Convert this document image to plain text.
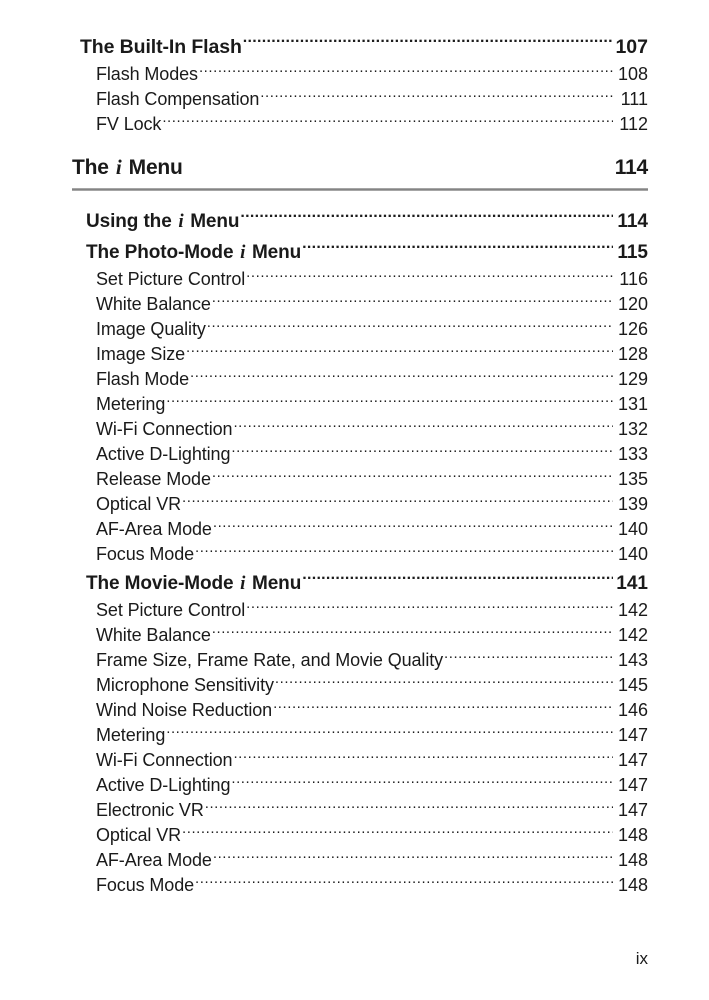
The Built-In Flash .....	107
Flash Modes .....	108
Flash Compensation .....	111
FV Lock .....	112
The i Menu	114
Using the i Menu .....	114
The Photo-Mode i Menu .....	115
Set Picture Control .....	116
White Balance .....	120
Image Quality .....	126
Image Size .....	128
Flash Mode .....	129
Metering .....	131
Wi-Fi Connection .....	132
Active D-Lighting .....	133
Release Mode .....	135
Optical VR .....	139
AF-Area Mode .....	140
Focus Mode .....	140
The Movie-Mode i Menu .....	141
Set Picture Control .....	142
White Balance .....	142
Frame Size, Frame Rate, and Movie Quality .....	143
Microphone Sensitivity .....	145
Wind Noise Reduction .....	146
Metering .....	147
Wi-Fi Connection .....	147
Active D-Lighting .....	147
Electronic VR .....	147
Optical VR .....	148
AF-Area Mode .....	148
Focus Mode .....	148
ix
